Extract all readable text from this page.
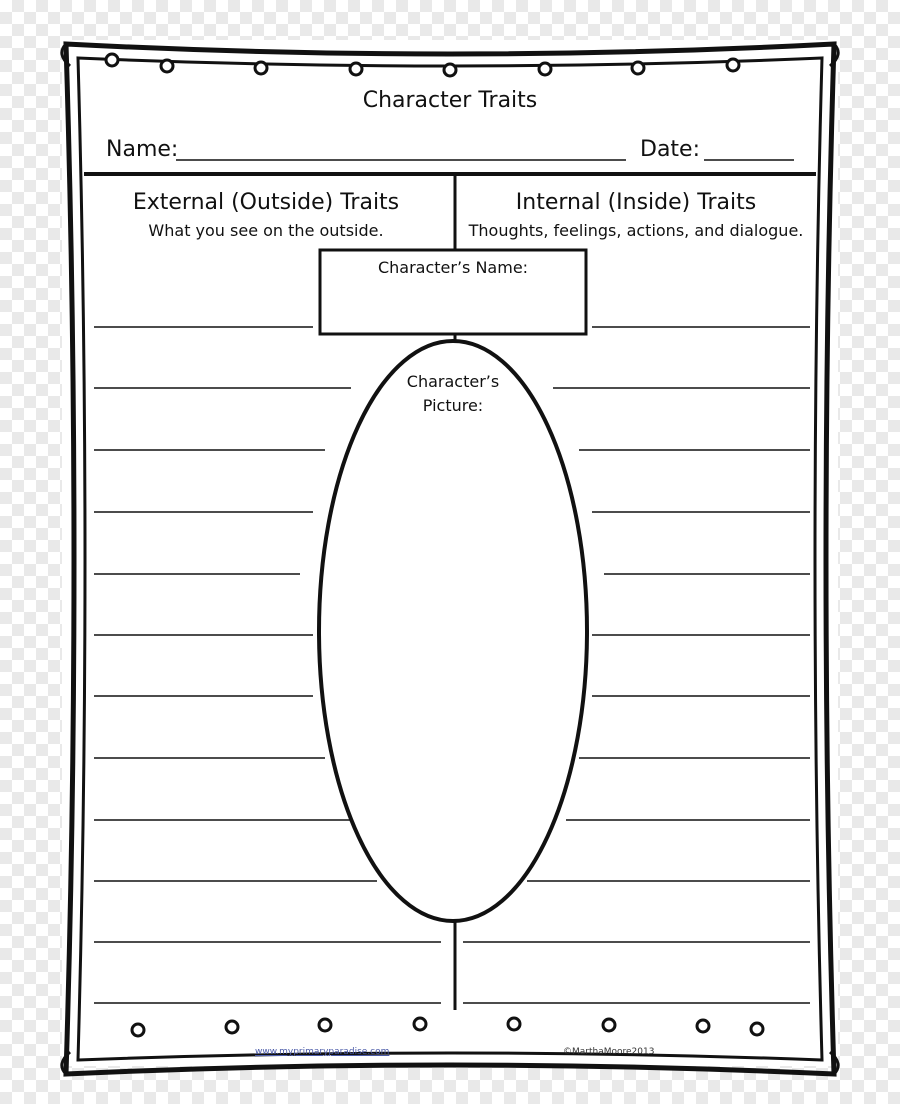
Character Traits
Name:	Date:
External (Outside) Traits
What you see on the outside.
Internal (Inside) Traits
Thoughts, feelings, actions, and dialogue.
Character’s Name:
Character’s Picture:
www.myprimaryparadise.com	©MarthaMoore2013
